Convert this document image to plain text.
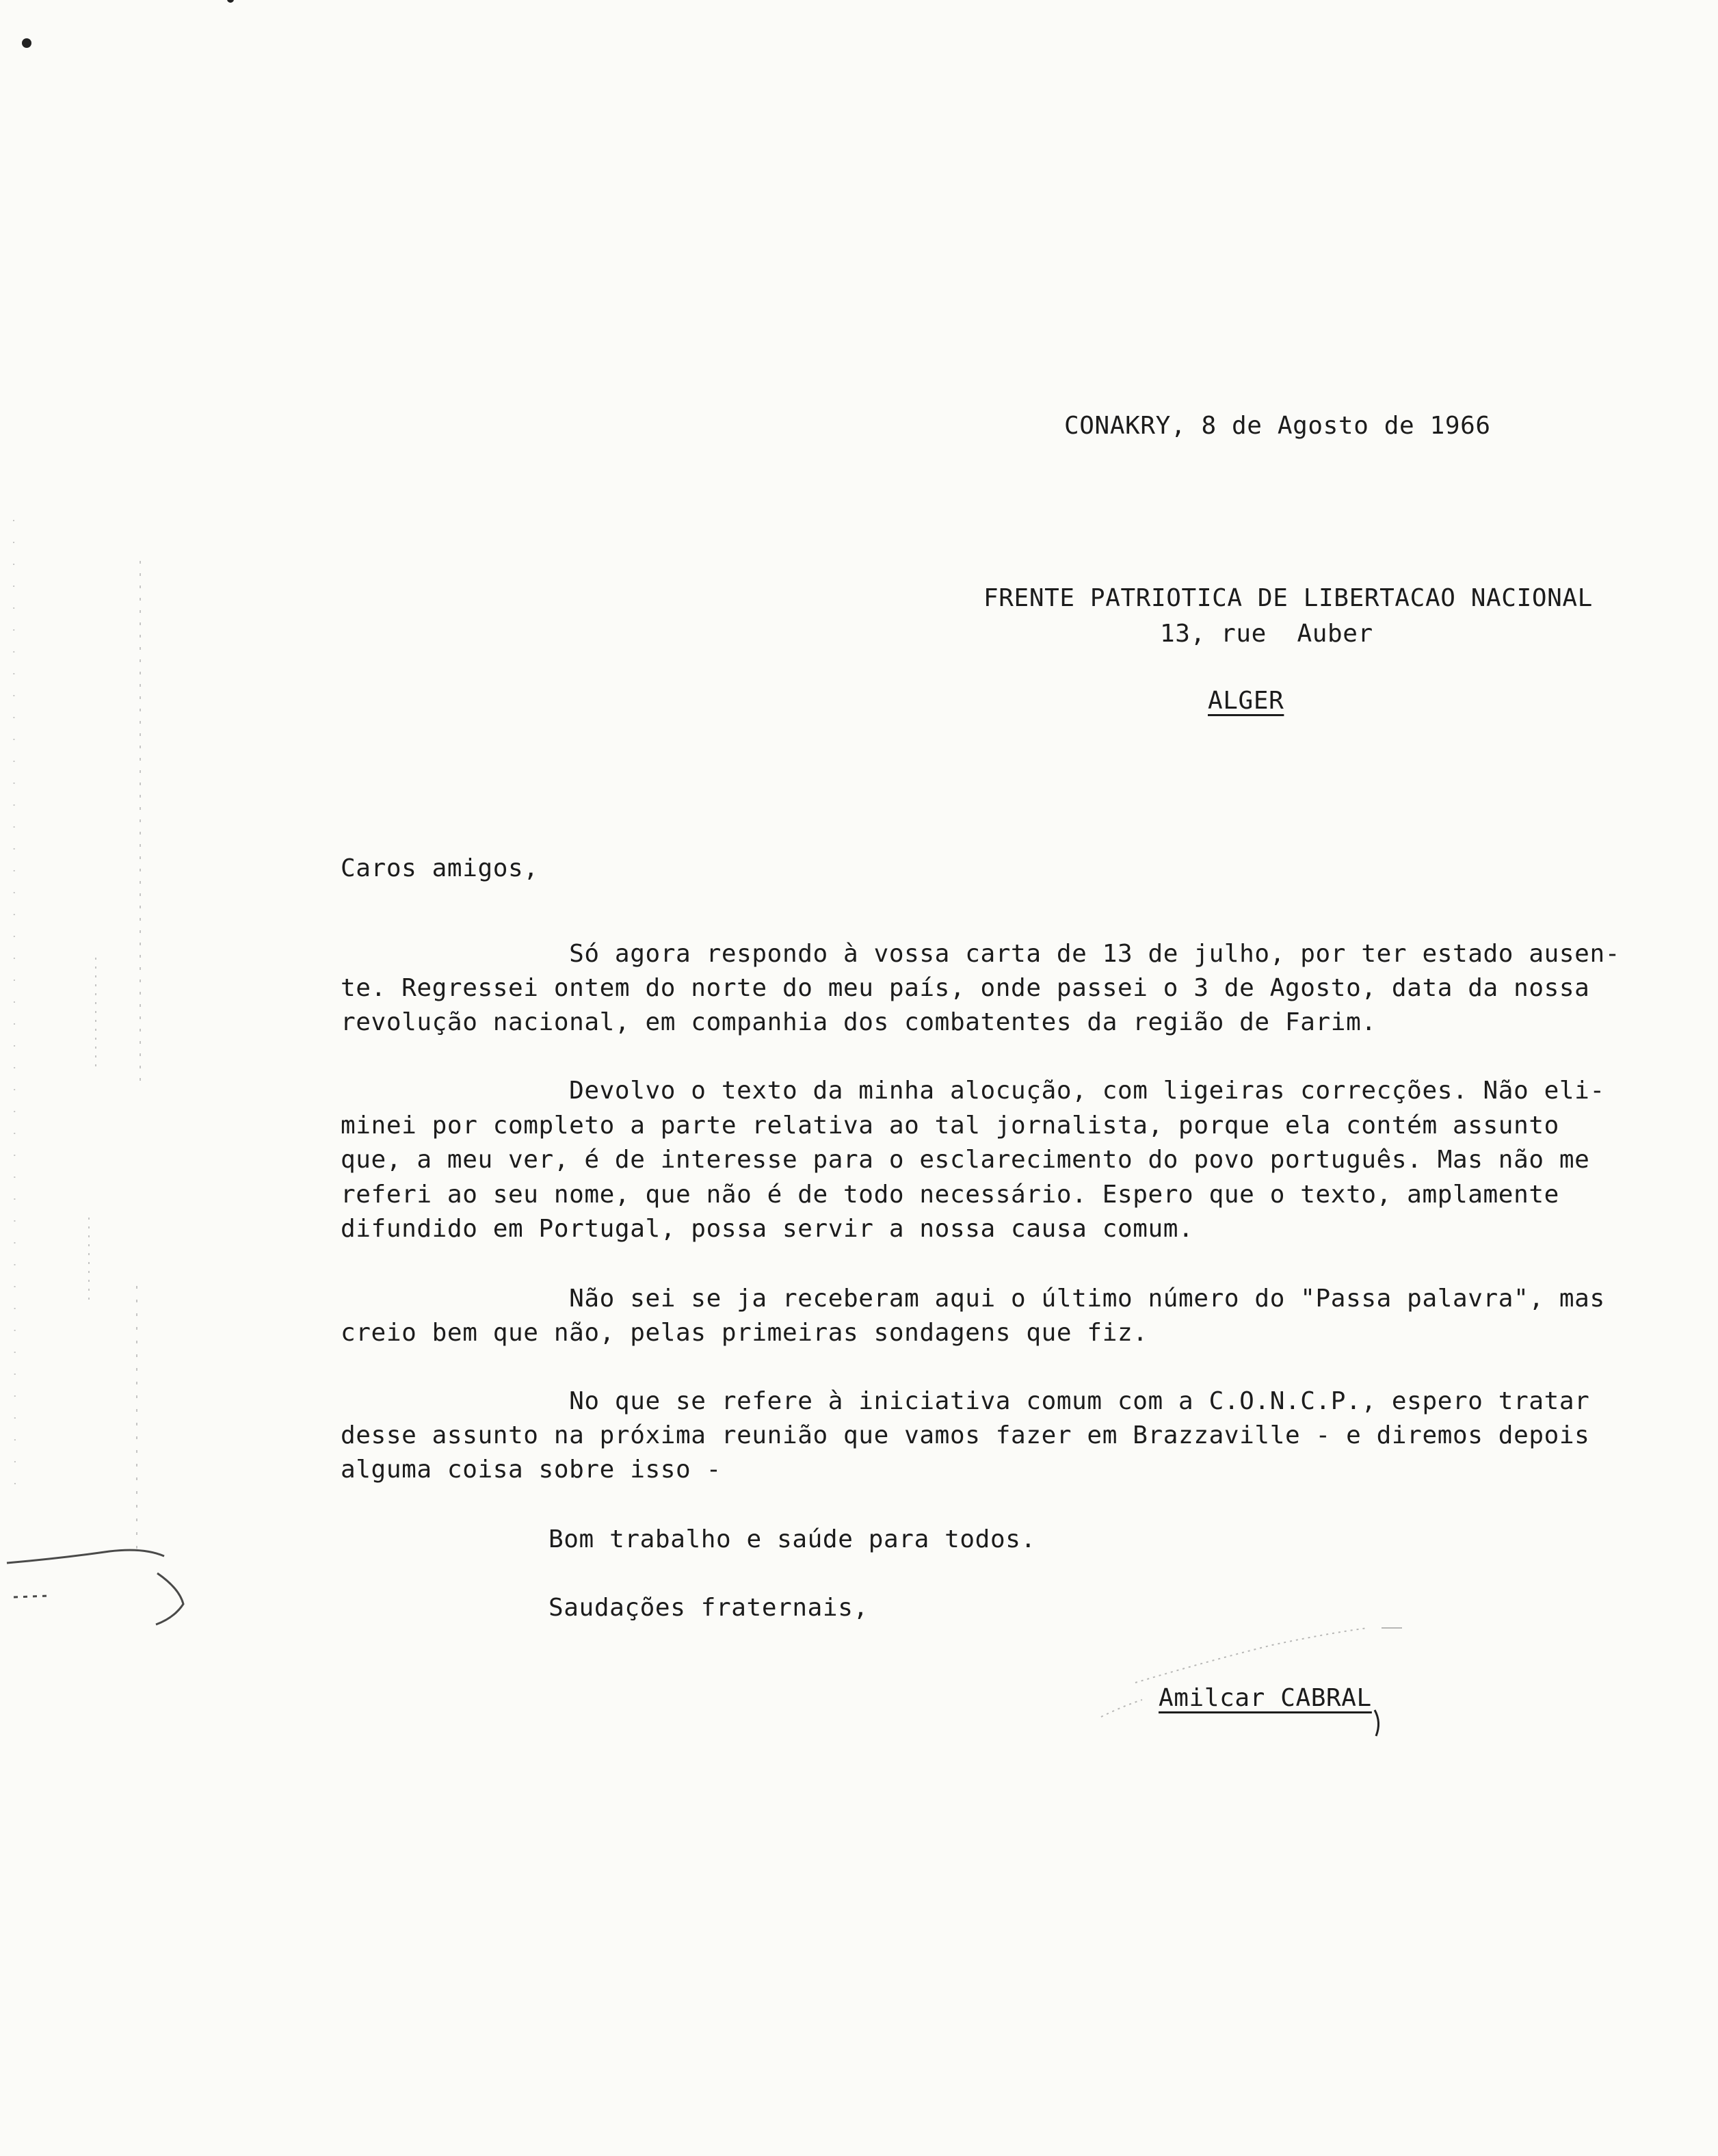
CONAKRY, 8 de Agosto de 1966
FRENTE PATRIOTICA DE LIBERTACAO NACIONAL
13, rue  Auber
ALGER
Caros amigos,
Só agora respondo à vossa carta de 13 de julho, por ter estado ausen-
te. Regressei ontem do norte do meu país, onde passei o 3 de Agosto, data da nossa
revolução nacional, em companhia dos combatentes da região de Farim.
Devolvo o texto da minha alocução, com ligeiras correcções. Não eli-
minei por completo a parte relativa ao tal jornalista, porque ela contém assunto
que, a meu ver, é de interesse para o esclarecimento do povo português. Mas não me
referi ao seu nome, que não é de todo necessário. Espero que o texto, amplamente
difundido em Portugal, possa servir a nossa causa comum.
Não sei se ja receberam aqui o último número do "Passa palavra", mas
creio bem que não, pelas primeiras sondagens que fiz.
No que se refere à iniciativa comum com a C.O.N.C.P., espero tratar
desse assunto na próxima reunião que vamos fazer em Brazzaville - e diremos depois
alguma coisa sobre isso -
Bom trabalho e saúde para todos.
Saudações fraternais,
Amilcar CABRAL
